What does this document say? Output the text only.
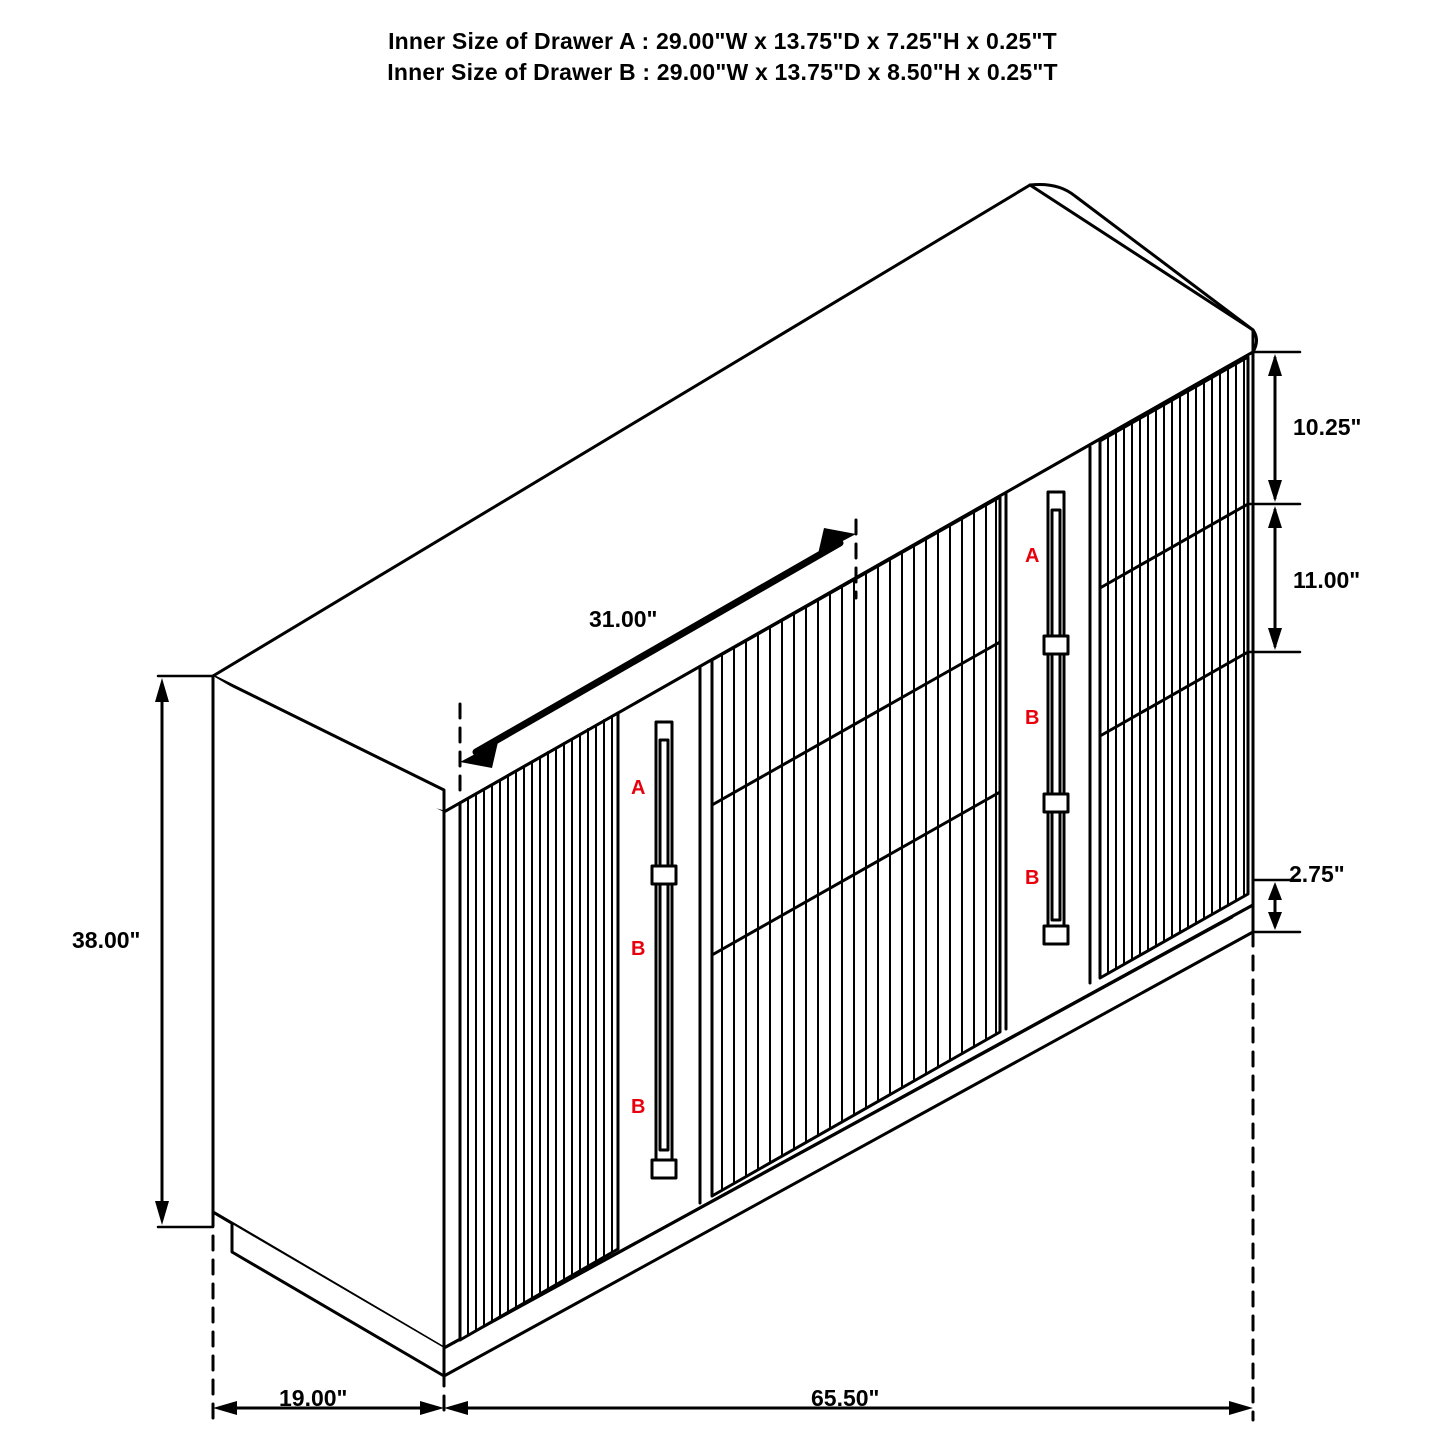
Inner Size of Drawer A : 29.00"W x 13.75"D x 7.25"H x 0.25"T
Inner Size of Drawer B : 29.00"W x 13.75"D x 8.50"H x 0.25"T
31.00"
38.00"
19.00"	65.50"
10.25"
11.00"
2.75"
A
B
B
A
B
B
